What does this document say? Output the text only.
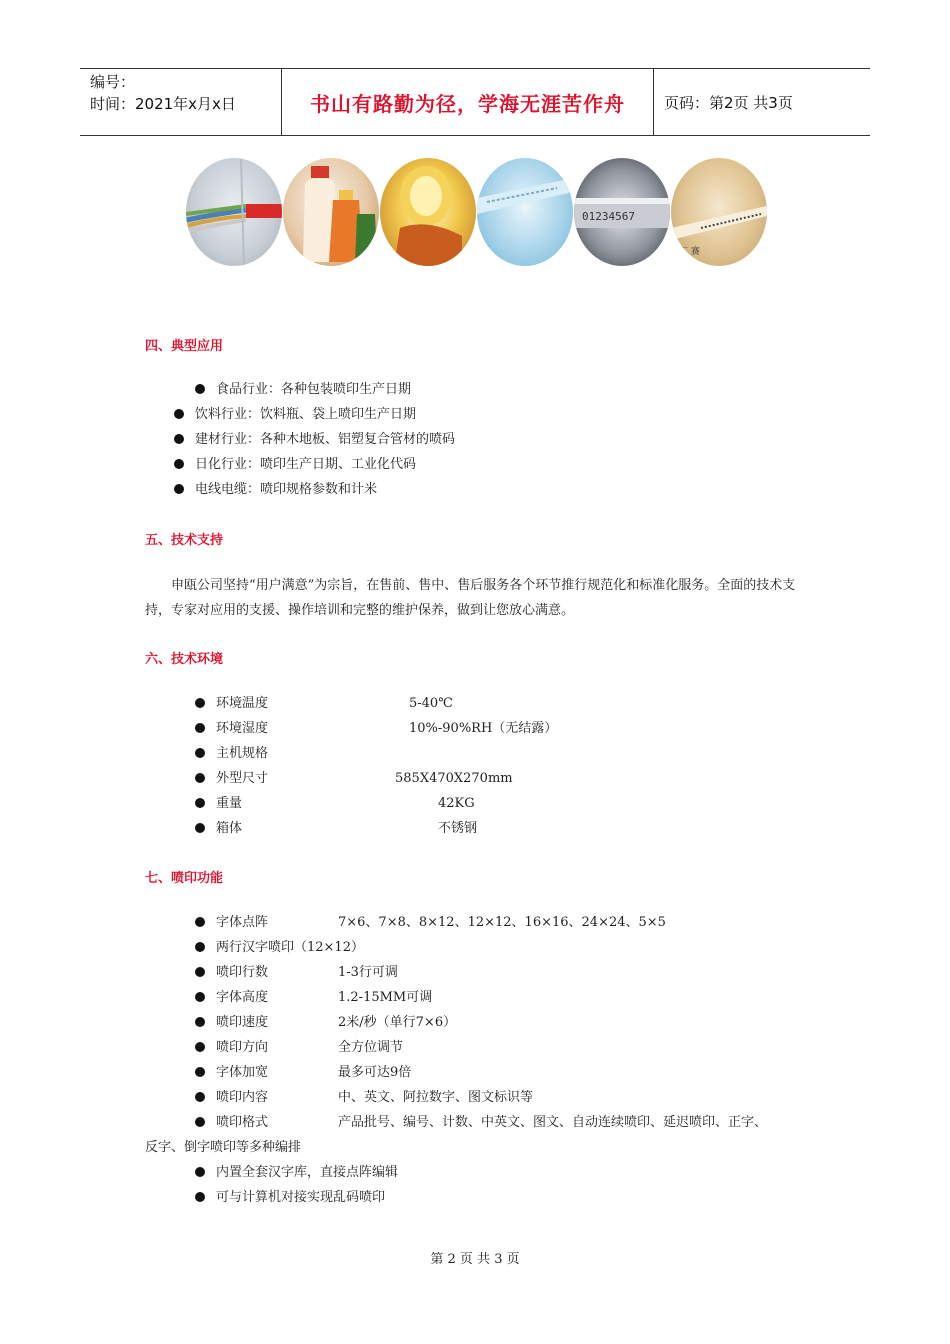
编号：
时间：2021年x月x日	书山有路勤为径，学海无涯苦作舟	页码：第2页 共3页
01234567
汇 赛
四、典型应用
食品行业：各种包装喷印生产日期
饮料行业：饮料瓶、袋上喷印生产日期
建材行业：各种木地板、铝塑复合管材的喷码
日化行业：喷印生产日期、工业化代码
电线电缆：喷印规格参数和计米
五、技术支持
申瓯公司坚持“用户满意”为宗旨，在售前、售中、售后服务各个环节推行规范化和标准化服务。全面的技术支持，专家对应用的支援、操作培训和完整的维护保养，做到让您放心满意。
六、技术环境
环境温度	5-40℃
环境湿度	10%-90%RH（无结露）
主机规格
外型尺寸	585X470X270mm
重量	42KG
箱体	不锈钢
七、喷印功能
字体点阵	7×6、7×8、8×12、12×12、16×16、24×24、5×5
两行汉字喷印（12×12）
喷印行数	1-3行可调
字体高度	1.2-15MM可调
喷印速度	2米/秒（单行7×6）
喷印方向	全方位调节
字体加宽	最多可达9倍
喷印内容	中、英文、阿拉数字、图文标识等
喷印格式	产品批号、编号、计数、中英文、图文、自动连续喷印、延迟喷印、正字、
反字、倒字喷印等多种编排
内置全套汉字库，直接点阵编辑
可与计算机对接实现乱码喷印
第 2 页 共 3 页
